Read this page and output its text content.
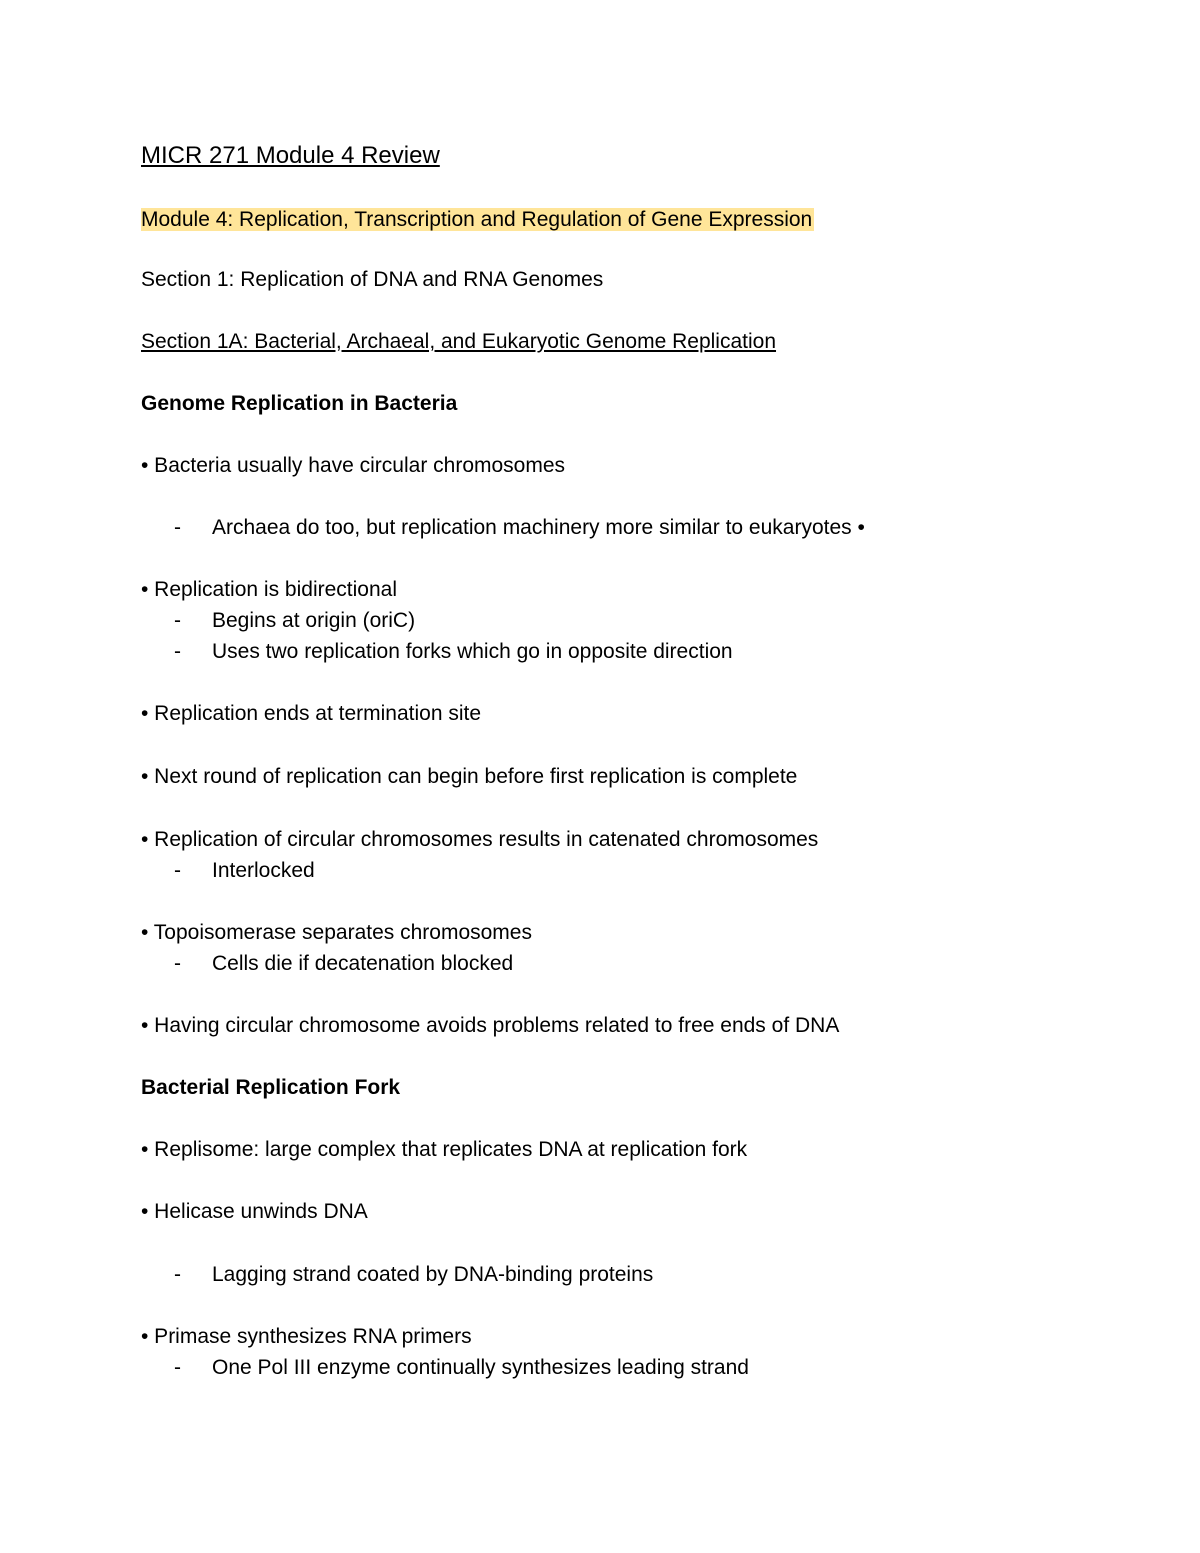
MICR 271 Module 4 Review
Module 4: Replication, Transcription and Regulation of Gene Expression
Section 1: Replication of DNA and RNA Genomes
Section 1A: Bacterial, Archaeal, and Eukaryotic Genome Replication
Genome Replication in Bacteria
• Bacteria usually have circular chromosomes
- Archaea do too, but replication machinery more similar to eukaryotes •
• Replication is bidirectional
- Begins at origin (oriC)
- Uses two replication forks which go in opposite direction
• Replication ends at termination site
• Next round of replication can begin before first replication is complete
• Replication of circular chromosomes results in catenated chromosomes
- Interlocked
• Topoisomerase separates chromosomes
- Cells die if decatenation blocked
• Having circular chromosome avoids problems related to free ends of DNA
Bacterial Replication Fork
• Replisome: large complex that replicates DNA at replication fork
• Helicase unwinds DNA
- Lagging strand coated by DNA-binding proteins
• Primase synthesizes RNA primers
- One Pol III enzyme continually synthesizes leading strand
